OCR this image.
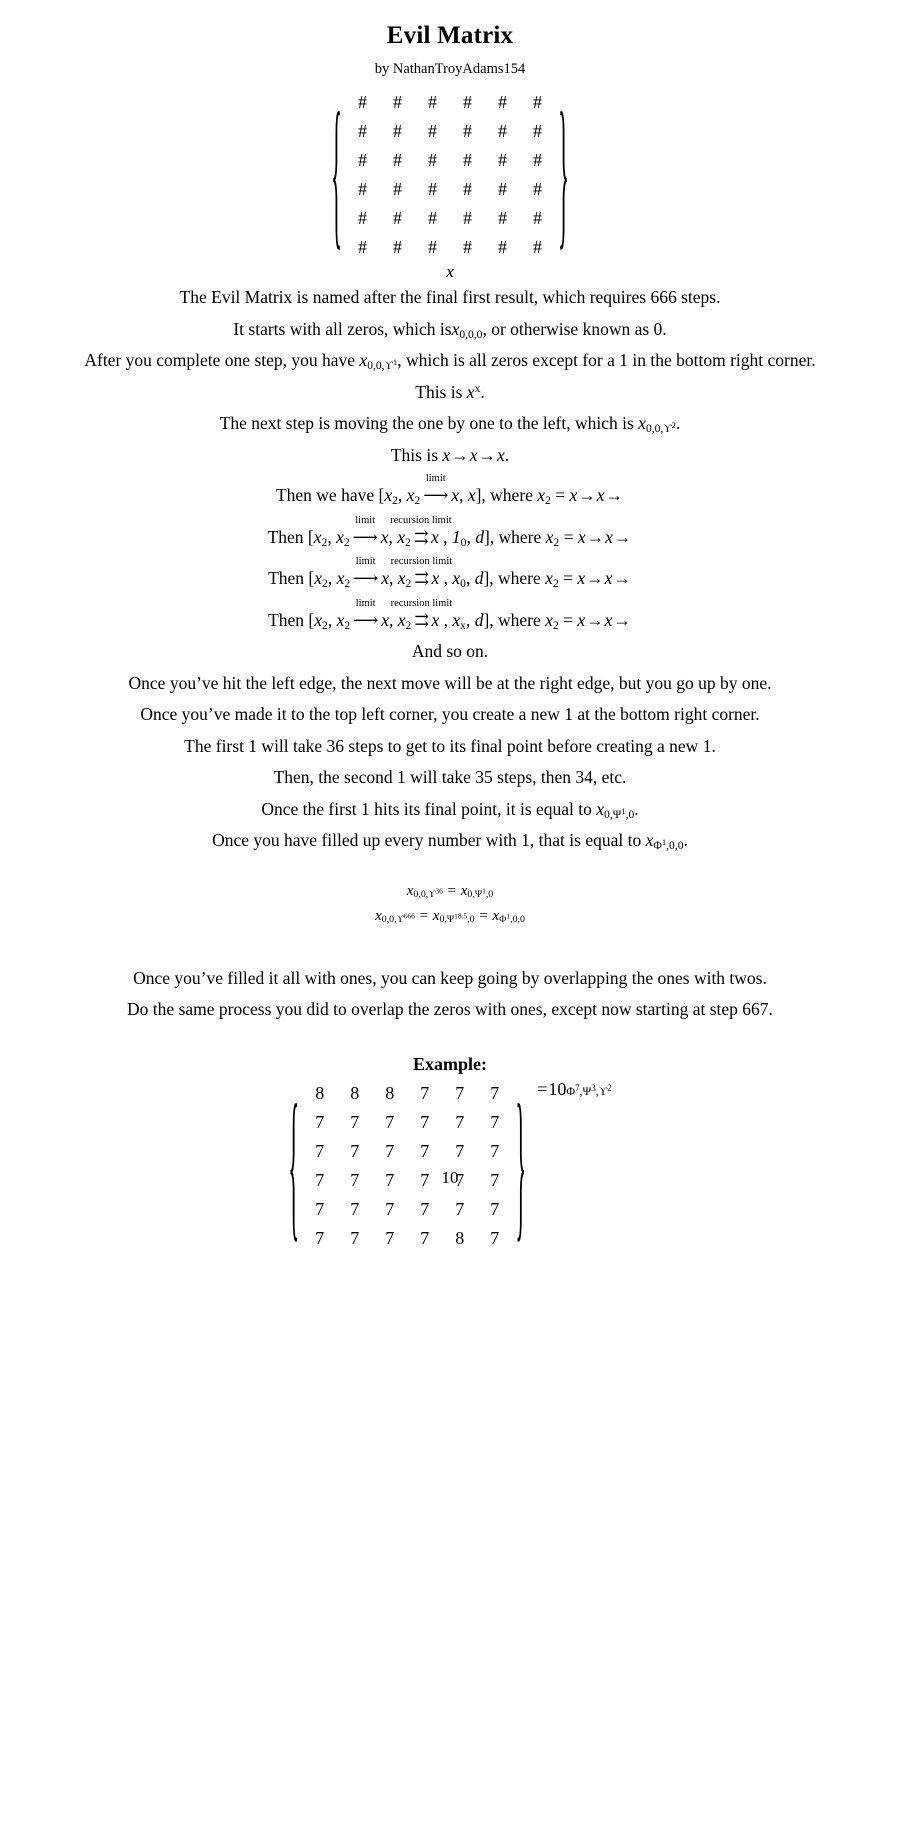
Evil Matrix
by NathanTroyAdams154
{ #	#	#	#	#	#
#	#	#	#	#	#
#	#	#	#	#	#
#	#	#	#	#	#
#	#	#	#	#	#
#	#	#	#	#	# }
x

The Evil Matrix is named after the final first result, which requires 666 steps.

It starts with all zeros, which isx$_{0,0,0}$, or otherwise known as 0.

After you complete one step, you have $x_{0,0,ϒ^1}$, which is all zeros except for a 1 in the bottom right corner.

This is $x^x$.

The next step is moving the one by one to the left, which is $x_{0,0,ϒ^2}$.

This is x→x→x.

Then we have [$x_2$, $x_2$
limit
⟶ x, x], where $x_2 = x\to x\to$

Then [$x_2$, $x_2$
limit
⟶ x, $x_2$
recursion limit
⇉ x , $1_0$, d], where $x_2 = x\to x\to$

Then [$x_2$, $x_2$
limit
⟶ x, $x_2$
recursion limit
⇉ x , $x_0$, d], where $x_2 = x\to x\to$

Then [$x_2$, $x_2$
limit
⟶ x, $x_2$
recursion limit
⇉ x , $x_x$, d], where $x_2 = x\to x\to$

And so on.

Once you’ve hit the left edge, the next move will be at the right edge, but you go up by one.

Once you’ve made it to the top left corner, you create a new 1 at the bottom right corner.

The first 1 will take 36 steps to get to its final point before creating a new 1.

Then, the second 1 will take 35 steps, then 34, etc.

Once the first 1 hits its final point, it is equal to $x_{0,\Psi^1,0}$.

Once you have filled up every number with 1, that is equal to $x_{\Phi^1,0,0}$.

$x_{0,0,ϒ^{36}} = x_{0,\Psi^1,0}$

$x_{0,0,ϒ^{666}} = x_{0,\Psi^{18.5},0} = x_{\Phi^1,0,0}$

Once you’ve filled it all with ones, you can keep going by overlapping the ones with twos.

Do the same process you did to overlap the zeros with ones, except now starting at step 667.

Example:
{ 8	8	8	7	7	7
7	7	7	7	7	7
7	7	7	7	7	7
7	7	7	7	7	7
7	7	7	7	7	7
7	7	7	7	8	7 } = 10 $\Phi^7,\Psi^3,ϒ^2$
10
